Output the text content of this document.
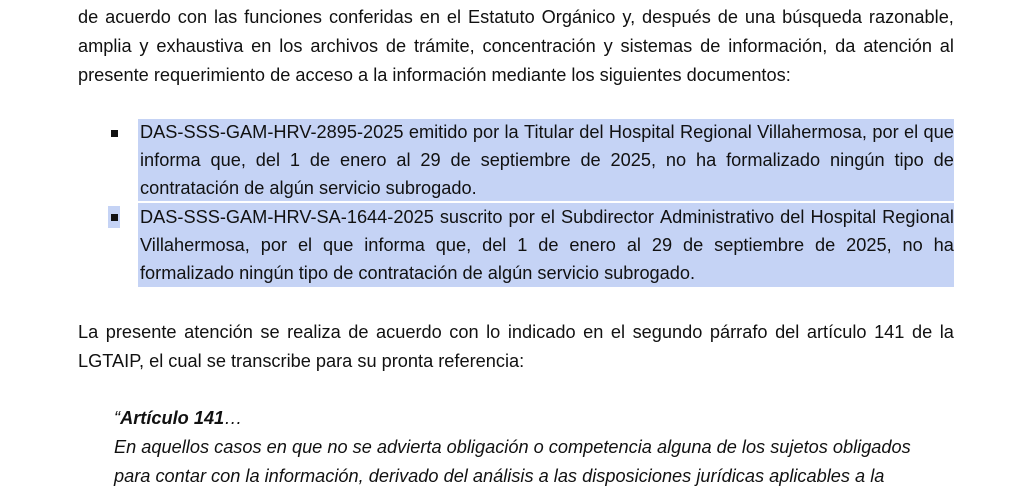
de acuerdo con las funciones conferidas en el Estatuto Orgánico y, después de una búsqueda razonable,
amplia y exhaustiva en los archivos de trámite, concentración y sistemas de información, da atención al
presente requerimiento de acceso a la información mediante los siguientes documentos:
DAS-SSS-GAM-HRV-2895-2025 emitido por la Titular del Hospital Regional Villahermosa, por el que
informa que, del 1 de enero al 29 de septiembre de 2025, no ha formalizado ningún tipo de
contratación de algún servicio subrogado.
DAS-SSS-GAM-HRV-SA-1644-2025 suscrito por el Subdirector Administrativo del Hospital Regional
Villahermosa, por el que informa que, del 1 de enero al 29 de septiembre de 2025, no ha
formalizado ningún tipo de contratación de algún servicio subrogado.
La presente atención se realiza de acuerdo con lo indicado en el segundo párrafo del artículo 141 de la
LGTAIP, el cual se transcribe para su pronta referencia:
“Artículo 141…
En aquellos casos en que no se advierta obligación o competencia alguna de los sujetos obligados
para contar con la información, derivado del análisis a las disposiciones jurídicas aplicables a la
